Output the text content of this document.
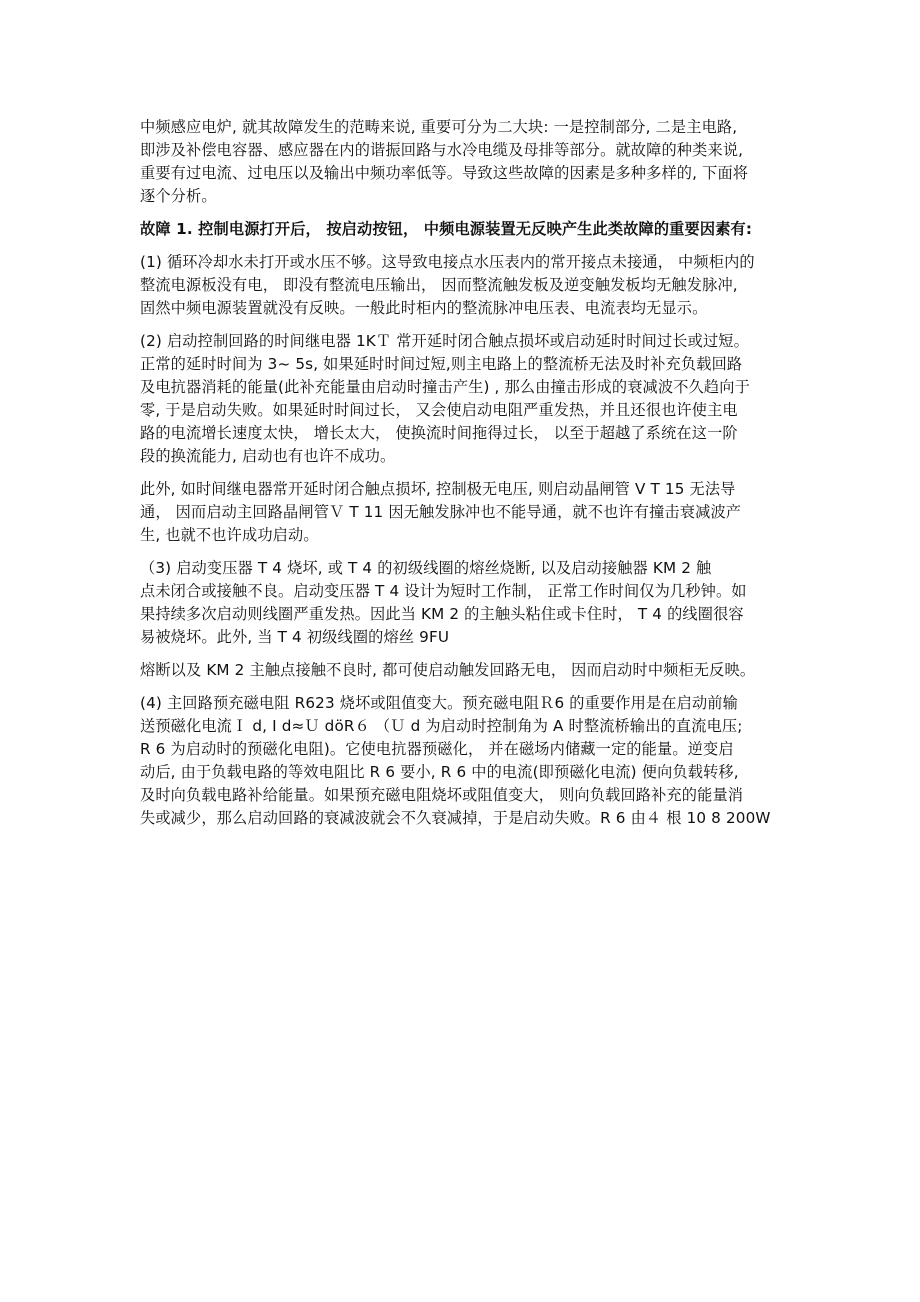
中频感应电炉, 就其故障发生的范畴来说, 重要可分为二大块: 一是控制部分, 二是主电路,

即涉及补偿电容器、感应器在内的谐振回路与水冷电缆及母排等部分。就故障的种类来说,

重要有过电流、过电压以及输出中频功率低等。导致这些故障的因素是多种多样的, 下面将

逐个分析。

故障 1. 控制电源打开后， 按启动按钮， 中频电源装置无反映产生此类故障的重要因素有:

(1) 循环冷却水未打开或水压不够。这导致电接点水压表内的常开接点未接通， 中频柜内的

整流电源板没有电， 即没有整流电压输出， 因而整流触发板及逆变触发板均无触发脉冲,

固然中频电源装置就没有反映。一般此时柜内的整流脉冲电压表、电流表均无显示。

(2) 启动控制回路的时间继电器 1KＴ 常开延时闭合触点损坏或启动延时时间过长或过短。

正常的延时时间为 3~ 5s, 如果延时时间过短,则主电路上的整流桥无法及时补充负载回路

及电抗器消耗的能量(此补充能量由启动时撞击产生) , 那么由撞击形成的衰减波不久趋向于

零, 于是启动失败。如果延时时间过长， 又会使启动电阻严重发热，并且还很也许使主电

路的电流增长速度太快， 增长太大， 使换流时间拖得过长， 以至于超越了系统在这一阶

段的换流能力, 启动也有也许不成功。

此外, 如时间继电器常开延时闭合触点损坏, 控制极无电压, 则启动晶闸管 V T 15 无法导

通， 因而启动主回路晶闸管Ｖ T 11 因无触发脉冲也不能导通，就不也许有撞击衰减波产

生, 也就不也许成功启动。

（3) 启动变压器 T 4 烧坏, 或 T 4 的初级线圈的熔丝烧断, 以及启动接触器 KM 2 触

点未闭合或接触不良。启动变压器 T 4 设计为短时工作制， 正常工作时间仅为几秒钟。如

果持续多次启动则线圈严重发热。因此当 KM 2 的主触头粘住或卡住时， T 4 的线圈很容

易被烧坏。此外, 当 T 4 初级线圈的熔丝 9FU

熔断以及 KM 2 主触点接触不良时, 都可使启动触发回路无电， 因而启动时中频柜无反映。

(4) 主回路预充磁电阻 R623 烧坏或阻值变大。预充磁电阻Ｒ6 的重要作用是在启动前输

送预磁化电流Ｉ d, I d≈Ｕ döR６ （Ｕ d 为启动时控制角为 A 时整流桥输出的直流电压;

R 6 为启动时的预磁化电阻)。它使电抗器预磁化， 并在磁场内储藏一定的能量。逆变启

动后, 由于负载电路的等效电阻比 R 6 要小, R 6 中的电流(即预磁化电流) 便向负载转移,

及时向负载电路补给能量。如果预充磁电阻烧坏或阻值变大， 则向负载回路补充的能量消

失或减少，那么启动回路的衰减波就会不久衰减掉，于是启动失败。R 6 由４ 根 10 8 200W
